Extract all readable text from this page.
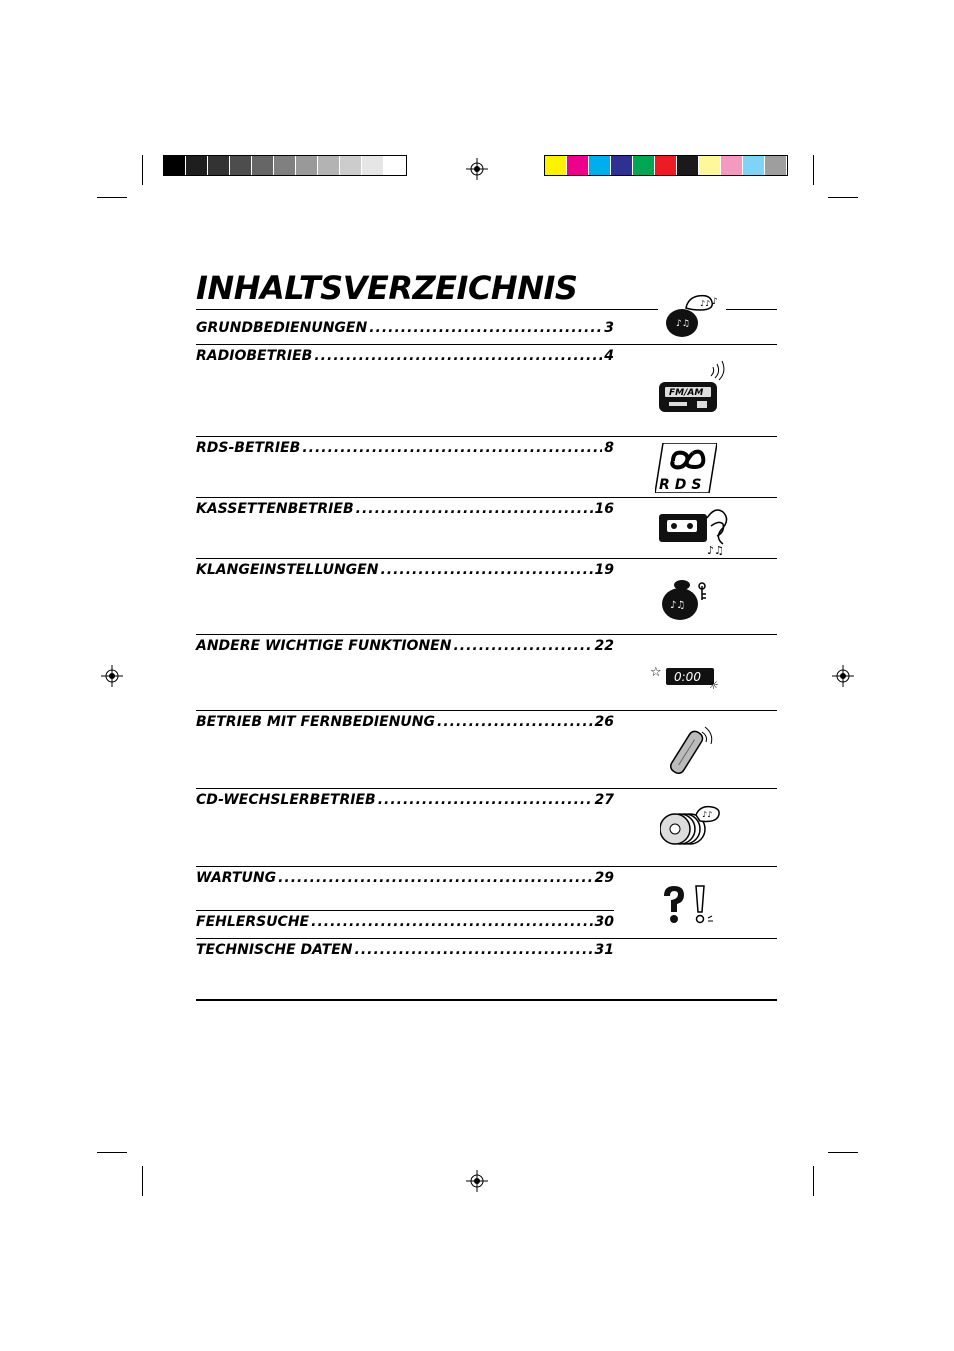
INHALTSVERZEICHNIS
GRUNDBEDIENUNGEN .....	3
RADIOBETRIEB .....	4
RDS-BETRIEB .....	8
KASSETTENBETRIEB .....	16
KLANGEINSTELLUNGEN .....	19
ANDERE WICHTIGE FUNKTIONEN .....	22
BETRIEB MIT FERNBEDIENUNG .....	26
CD-WECHSLERBETRIEB .....	27
WARTUNG .....	29
FEHLERSUCHE .....	30
TECHNISCHE DATEN .....	31
♪♫
♪♪ ♪
FM/AM
RDS
♪♫
♪♫
☆ 0:00
☼
♪♪
